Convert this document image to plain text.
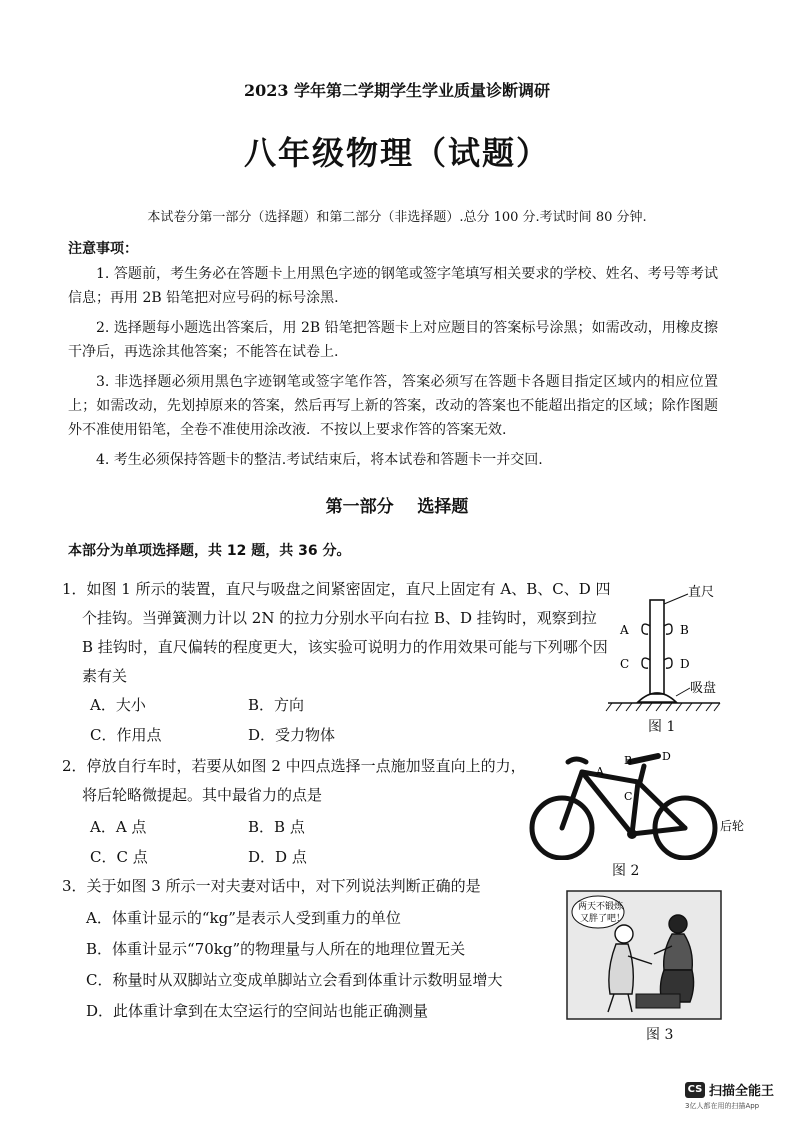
2023 学年第二学期学生学业质量诊断调研
八年级物理（试题）
本试卷分第一部分（选择题）和第二部分（非选择题）.总分 100 分.考试时间 80 分钟.
注意事项：
1. 答题前，考生务必在答题卡上用黑色字迹的钢笔或签字笔填写相关要求的学校、姓名、考号等考试信息；再用 2B 铅笔把对应号码的标号涂黑.
2. 选择题每小题选出答案后，用 2B 铅笔把答题卡上对应题目的答案标号涂黑；如需改动，用橡皮擦干净后，再选涂其他答案；不能答在试卷上.
3. 非选择题必须用黑色字迹钢笔或签字笔作答，答案必须写在答题卡各题目指定区域内的相应位置上；如需改动，先划掉原来的答案，然后再写上新的答案，改动的答案也不能超出指定的区域；除作图题外不准使用铅笔，全卷不准使用涂改液．不按以上要求作答的答案无效.
4. 考生必须保持答题卡的整洁.考试结束后，将本试卷和答题卡一并交回.
第一部分 选择题
本部分为单项选择题，共 12 题，共 36 分。
1．如图 1 所示的装置，直尺与吸盘之间紧密固定，直尺上固定有 A、B、C、D 四个挂钩。当弹簧测力计以 2N 的拉力分别水平向右拉 B、D 挂钩时，观察到拉 B 挂钩时，直尺偏转的程度更大，该实验可说明力的作用效果可能与下列哪个因素有关
A．大小	B．方向
C．作用点	D．受力物体
直尺
吸盘
A	B
C	D
图 1
2．停放自行车时，若要从如图 2 中四点选择一点施加竖直向上的力，将后轮略微提起。其中最省力的点是
A．A 点	B．B 点
C．C 点	D．D 点
A
B
C
D
后轮
图 2
3．关于如图 3 所示一对夫妻对话中，对下列说法判断正确的是
A．体重计显示的“kg”是表示人受到重力的单位
B．体重计显示“70kg”的物理量与人所在的地理位置无关
C．称量时从双脚站立变成单脚站立会看到体重计示数明显增大
D．此体重计拿到在太空运行的空间站也能正确测量
两天不锻炼
又胖了吧！
图 3
CS 扫描全能王
3亿人都在用的扫描App
